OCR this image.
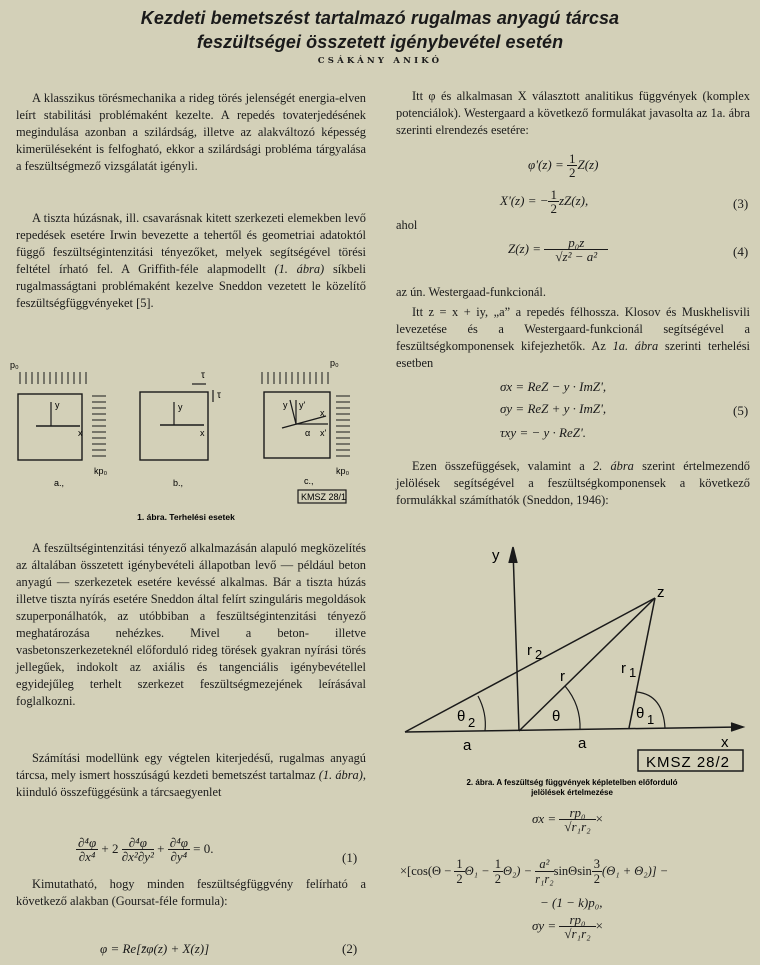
Kezdeti bemetszést tartalmazó rugalmas anyagú tárcsa
feszültségei összetett igénybevétel esetén
CSÁKÁNY ANIKÓ

A klasszikus törésmechanika a rideg törés jelenségét energia-elven leírt stabilitási problémaként kezelte. A repedés tovaterjedésének megindulása azonban a szilárdság, illetve az alakváltozó képesség kimerüléseként is felfogható, ekkor a szilárdsági probléma tárgyalása a feszültségmező vizsgálatát igényli.

A tiszta húzásnak, ill. csavarásnak kitett szerkezeti elemekben levő repedések esetére Irwin bevezette a tehertől és geometriai adatoktól függő feszültségintenzitási tényezőket, melyek segítségével törési feltétel írható fel. A Griffith-féle alapmodellt (1. ábra) síkbeli rugalmasságtani problémaként kezelve Sneddon vezetett le közelítő feszültségfüggvényeket [5].

p₀
kp₀
y
x
a.,
τ
τ
y
x
b.,
p₀
kp₀
y y'
x
x'
α
c.,
KMSZ 28/1
1. ábra. Terhelési esetek

A feszültségintenzitási tényező alkalmazásán alapuló megközelítés az általában összetett igénybevételi állapotban levő — például beton anyagú — szerkezetek esetére kevéssé alkalmas. Bár a tiszta húzás illetve tiszta nyírás esetére Sneddon által felírt szinguláris megoldások szuperponálhatók, az utóbbiban a feszültségintenzitási tényező meghatározása nehézkes. Mivel a beton- illetve vasbetonszerkezeteknél előforduló rideg törések gyakran nyírási törés jellegűek, indokolt az axiális és tangenciális igénybevétellel egyidejűleg terhelt szerkezet feszültségmezejének leírásával foglalkozni.

Számítási modellünk egy végtelen kiterjedésű, rugalmas anyagú tárcsa, mely ismert hosszúságú kezdeti bemetszést tartalmaz (1. ábra), kiinduló összefüggésünk a tárcsaegyenlet

$\frac{\text{∂⁴φ}}{\text{∂x⁴}} + 2 \frac{\text{∂⁴φ}}{\text{∂x²∂y²}} + \frac{\text{∂⁴φ}}{\text{∂y⁴}} = 0$.
(1)

Kimutatható, hogy minden feszültségfüggvény felírható a következő alakban (Goursat-féle formula):

φ = Re[z̄φ(z) + X(z)]	(2)

Itt φ és alkalmasan X választott analitikus függvények (komplex potenciálok). Westergaard a következő formulákat javasolta az 1a. ábra szerinti elrendezés esetére:

$\varphi'(z) = \frac{1}{2} Z(z)$
X'(z) = − $\frac{1}{2} zZ(z)$,	(3)
ahol
$Z(z) = \frac{\text{p₀z}}{\text{√z² − a²}}$	(4)

az ún. Westergaad-funkcionál.

Itt z = x + iy, „a” a repedés félhossza. Klosov és Muskhelisvili levezetése és a Westergaard-funkcionál segítségével a feszültségkomponensek kifejezhetők. Az 1a. ábra szerinti terhelési esetben

σx = ReZ − y · ImZ',
σy = ReZ + y · ImZ',
τxy = − y · ReZ'.
(5)

Ezen összefüggések, valamint a 2. ábra szerint értelmezendő jelölések segítségével a feszültségkomponensek a következő formulákkal számíthatók (Sneddon, 1946):

y
x
z
r 2
r	r 1
θ 2	θ	θ 1
a	a
KMSZ 28/2
2. ábra. A feszültség függvények képletelben előforduló
jelölések értelmezése
$\sigma x = \frac{\text{rp₀}}{\text{√r₁r₂}}$ ×
$\times[\cos(\Theta - \frac{1}{2} \Theta_1 - \frac{1}{2} \Theta_2) - \frac{\text{a²}}{\text{r₁r₂}}$ sinΘsin $\frac{3}{2} (\Theta_1 + \Theta_2)$] −
− (1 − k)p₀,
$\sigma y = \frac{\text{rp₀}}{\text{√r₁r₂}}$ ×
